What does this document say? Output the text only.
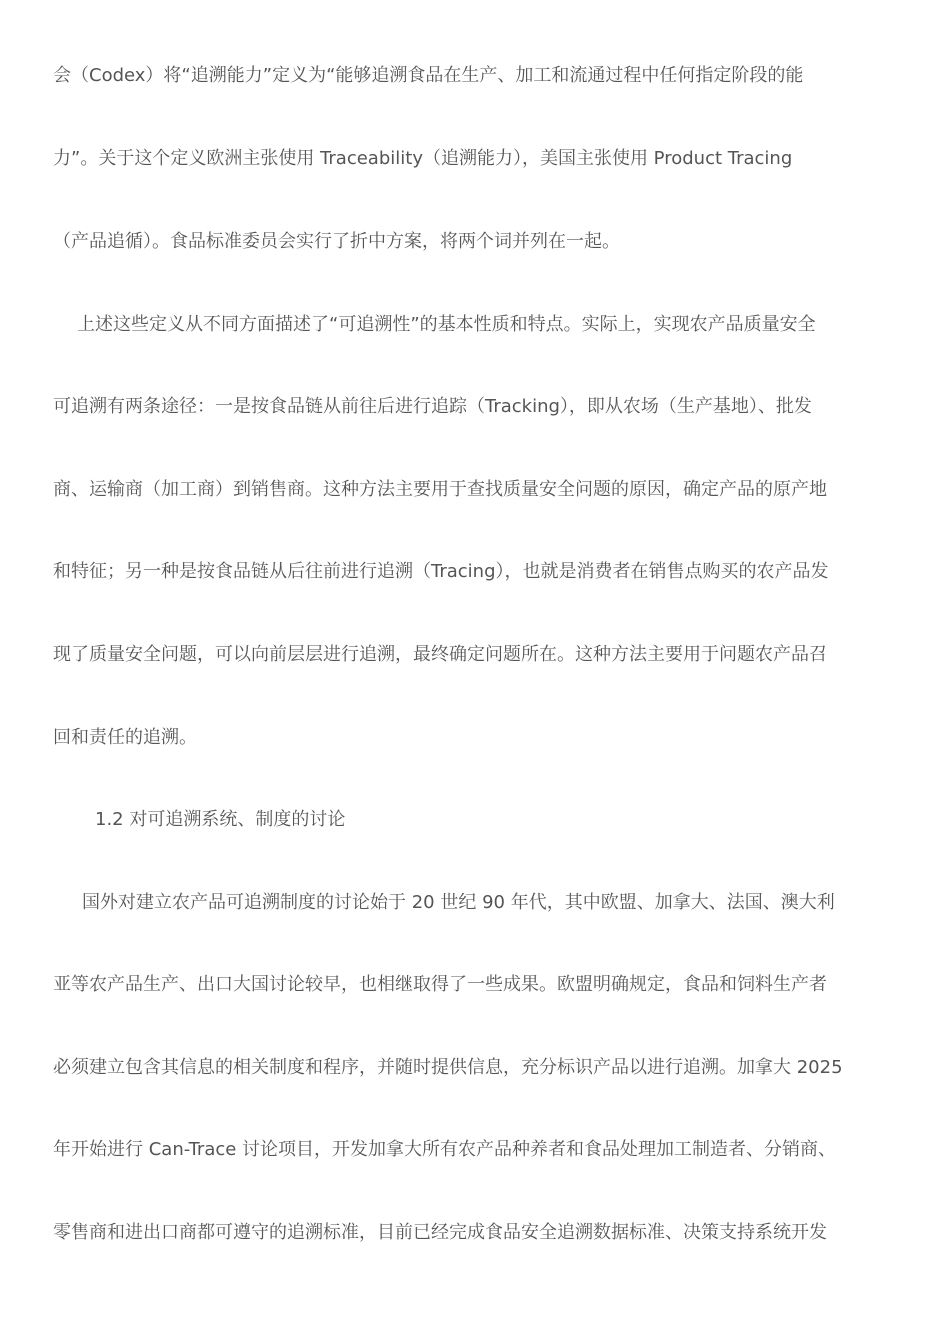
会（Codex）将“追溯能力”定义为“能够追溯食品在生产、加工和流通过程中任何指定阶段的能
力”。关于这个定义欧洲主张使用 Traceability（追溯能力），美国主张使用 Product Tracing
（产品追循）。食品标准委员会实行了折中方案，将两个词并列在一起。
上述这些定义从不同方面描述了“可追溯性”的基本性质和特点。实际上，实现农产品质量安全
可追溯有两条途径：一是按食品链从前往后进行追踪（Tracking），即从农场（生产基地）、批发
商、运输商（加工商）到销售商。这种方法主要用于查找质量安全问题的原因，确定产品的原产地
和特征；另一种是按食品链从后往前进行追溯（Tracing），也就是消费者在销售点购买的农产品发
现了质量安全问题，可以向前层层进行追溯，最终确定问题所在。这种方法主要用于问题农产品召
回和责任的追溯。
1.2 对可追溯系统、制度的讨论
国外对建立农产品可追溯制度的讨论始于 20 世纪 90 年代，其中欧盟、加拿大、法国、澳大利
亚等农产品生产、出口大国讨论较早，也相继取得了一些成果。欧盟明确规定，食品和饲料生产者
必须建立包含其信息的相关制度和程序，并随时提供信息，充分标识产品以进行追溯。加拿大 2025
年开始进行 Can-Trace 讨论项目，开发加拿大所有农产品种养者和食品处理加工制造者、分销商、
零售商和进出口商都可遵守的追溯标准，目前已经完成食品安全追溯数据标准、决策支持系统开发
